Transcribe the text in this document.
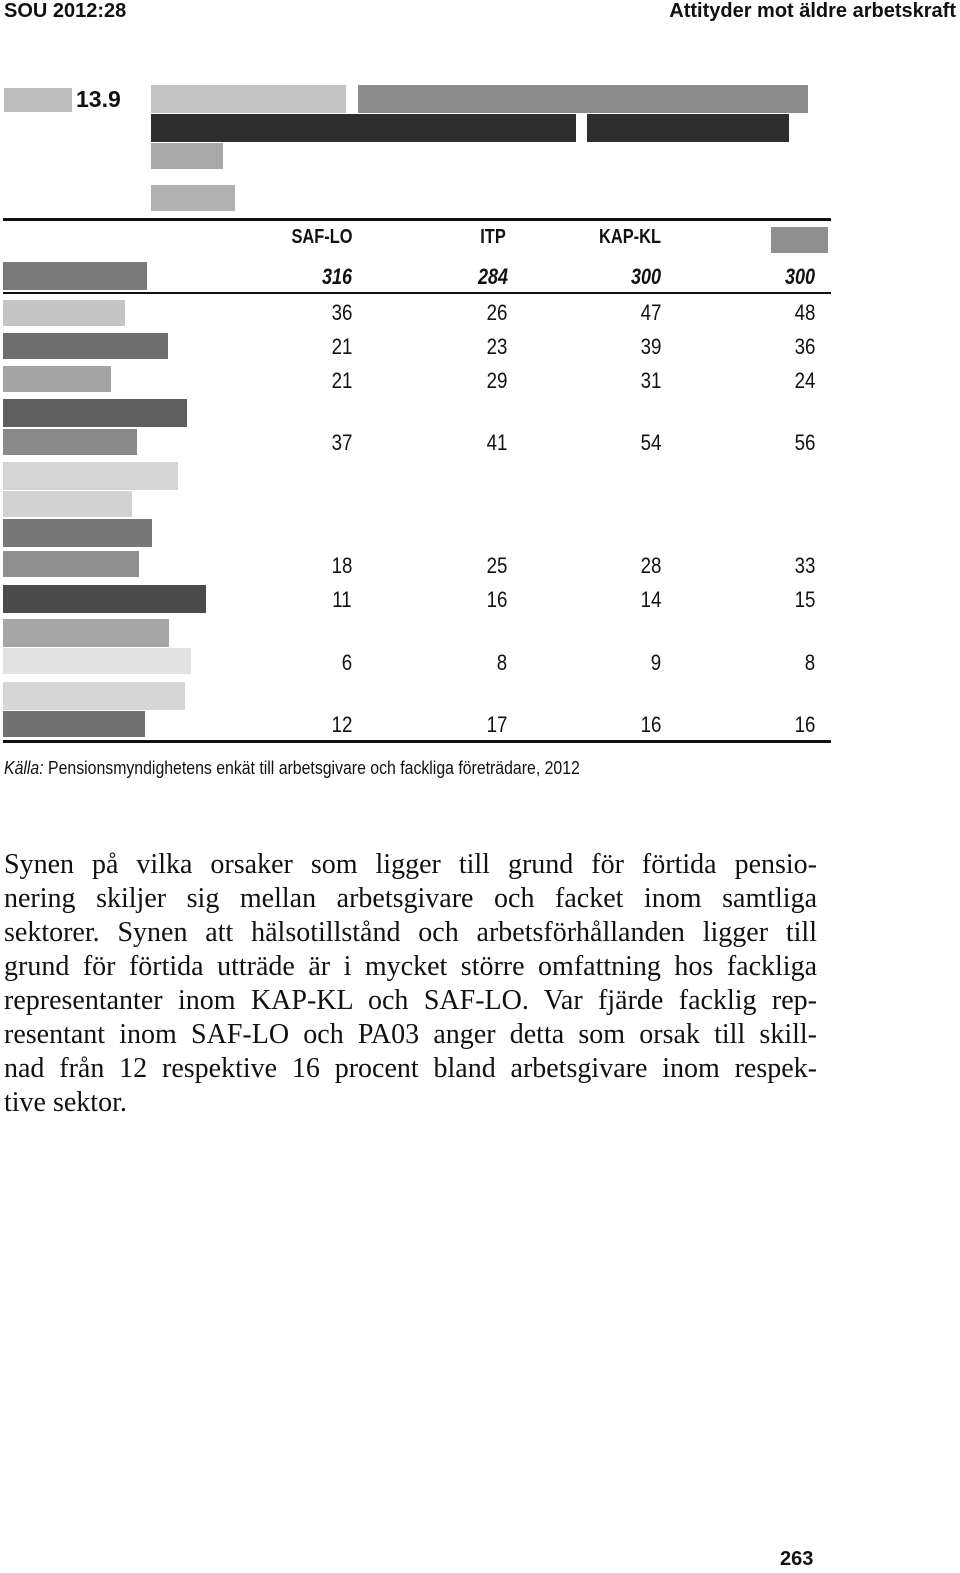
SOU 2012:28	Attityder mot äldre arbetskraft
13.9
SAF-LO	ITP	KAP-KL
316	284	300	300
36	26	47	48
21	23	39	36
21	29	31	24
37	41	54	56
18	25	28	33
11	16	14	15
6	8	9	8
12	17	16	16
Källa: Pensionsmyndighetens enkät till arbetsgivare och fackliga företrädare, 2012
Synen på vilka orsaker som ligger till grund för förtida pensio-
nering skiljer sig mellan arbetsgivare och facket inom samtliga
sektorer. Synen att hälsotillstånd och arbetsförhållanden ligger till
grund för förtida utträde är i mycket större omfattning hos fackliga
representanter inom KAP-KL och SAF-LO. Var fjärde facklig rep-
resentant inom SAF-LO och PA03 anger detta som orsak till skill-
nad från 12 respektive 16 procent bland arbetsgivare inom respek-
tive sektor.
263
